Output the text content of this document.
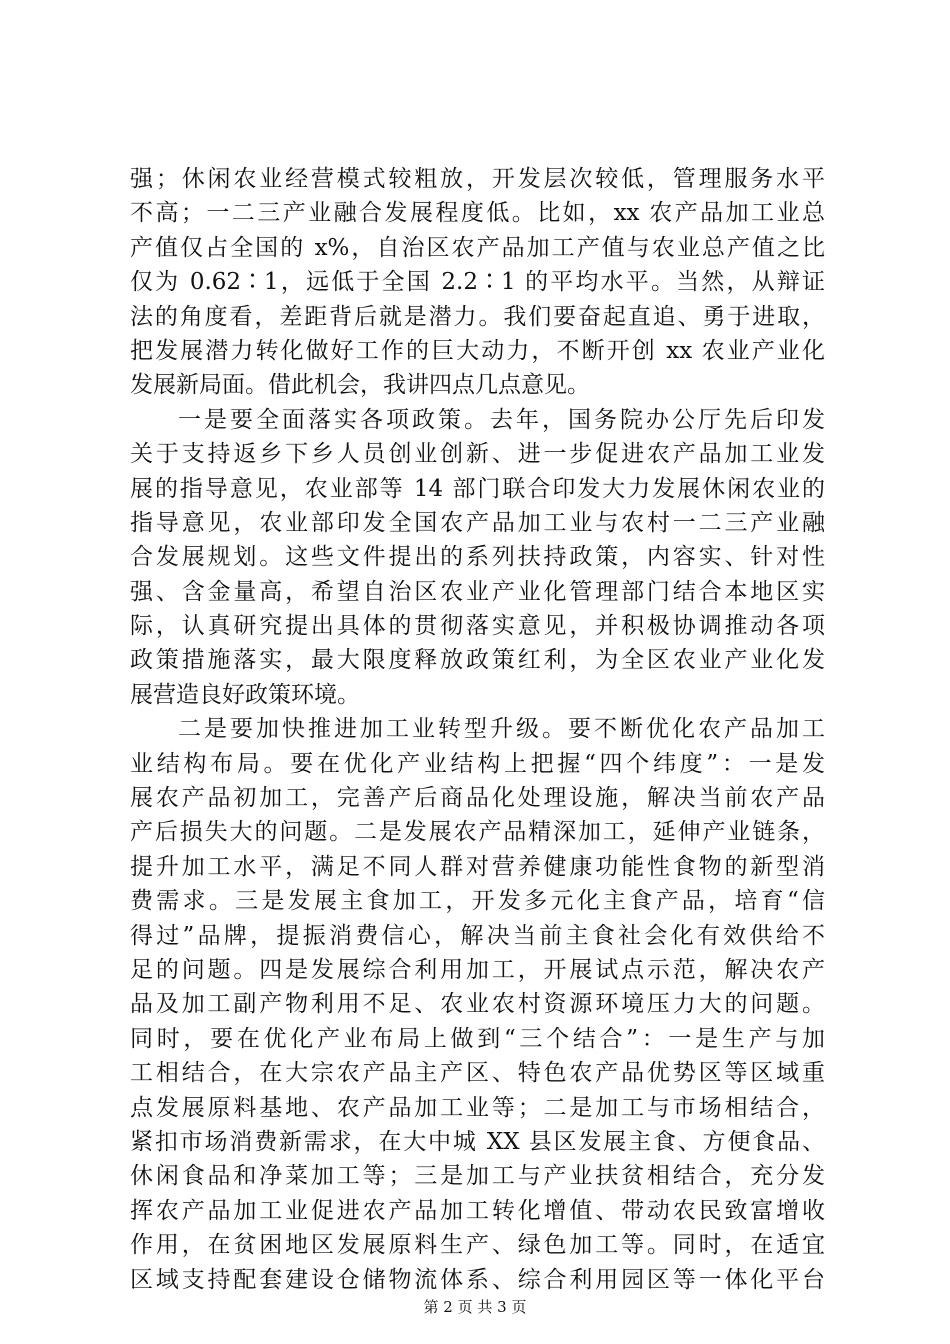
强；休闲农业经营模式较粗放，开发层次较低，管理服务水平
不高；一二三产业融合发展程度低。比如，xx 农产品加工业总
产值仅占全国的 x%，自治区农产品加工产值与农业总产值之比
仅为 0.62∶1，远低于全国 2.2∶1 的平均水平。当然，从辩证
法的角度看，差距背后就是潜力。我们要奋起直追、勇于进取，
把发展潜力转化做好工作的巨大动力，不断开创 xx 农业产业化
发展新局面。借此机会，我讲四点几点意见。
一是要全面落实各项政策。去年，国务院办公厅先后印发
关于支持返乡下乡人员创业创新、进一步促进农产品加工业发
展的指导意见，农业部等 14 部门联合印发大力发展休闲农业的
指导意见，农业部印发全国农产品加工业与农村一二三产业融
合发展规划。这些文件提出的系列扶持政策，内容实、针对性
强、含金量高，希望自治区农业产业化管理部门结合本地区实
际，认真研究提出具体的贯彻落实意见，并积极协调推动各项
政策措施落实，最大限度释放政策红利，为全区农业产业化发
展营造良好政策环境。
二是要加快推进加工业转型升级。要不断优化农产品加工
业结构布局。要在优化产业结构上把握“四个纬度”：一是发
展农产品初加工，完善产后商品化处理设施，解决当前农产品
产后损失大的问题。二是发展农产品精深加工，延伸产业链条，
提升加工水平，满足不同人群对营养健康功能性食物的新型消
费需求。三是发展主食加工，开发多元化主食产品，培育“信
得过”品牌，提振消费信心，解决当前主食社会化有效供给不
足的问题。四是发展综合利用加工，开展试点示范，解决农产
品及加工副产物利用不足、农业农村资源环境压力大的问题。
同时，要在优化产业布局上做到“三个结合”：一是生产与加
工相结合，在大宗农产品主产区、特色农产品优势区等区域重
点发展原料基地、农产品加工业等；二是加工与市场相结合，
紧扣市场消费新需求，在大中城 XX 县区发展主食、方便食品、
休闲食品和净菜加工等；三是加工与产业扶贫相结合，充分发
挥农产品加工业促进农产品加工转化增值、带动农民致富增收
作用，在贫困地区发展原料生产、绿色加工等。同时，在适宜
区域支持配套建设仓储物流体系、综合利用园区等一体化平台
第 2 页 共 3 页
